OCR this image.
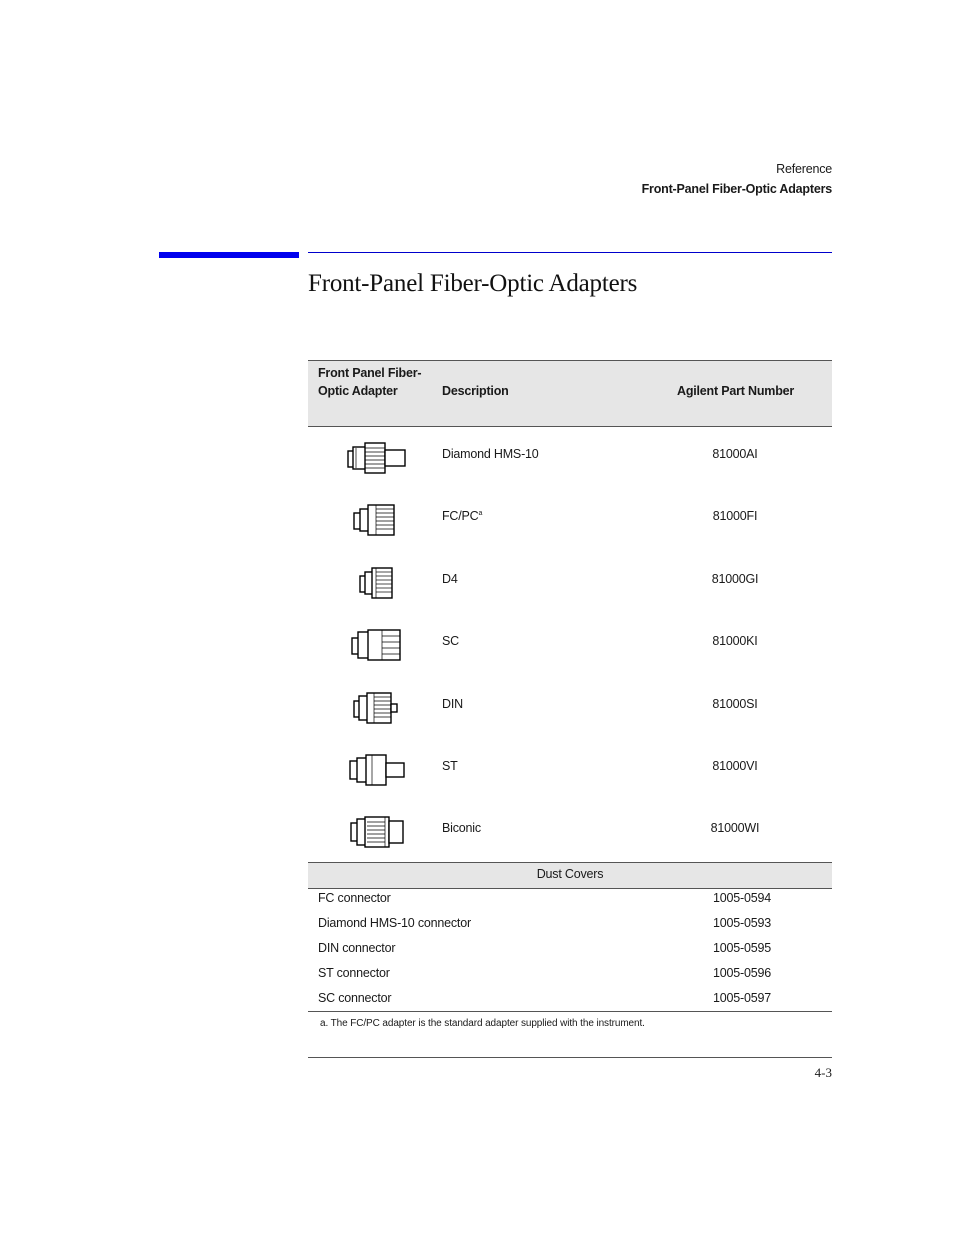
Reference
Front-Panel Fiber-Optic Adapters
Front-Panel Fiber-Optic Adapters
Front Panel Fiber-Optic Adapter	Description	Agilent Part Number
Diamond HMS-10	81000AI
$FC/PC^a$	81000FI
D4	81000GI
SC	81000KI
DIN	81000SI
ST	81000VI
Biconic	81000WI
Dust Covers
FC connector	1005-0594
Diamond HMS-10 connector	1005-0593
DIN connector	1005-0595
ST connector	1005-0596
SC connector	1005-0597
a. The FC/PC adapter is the standard adapter supplied with the instrument.
4-3
